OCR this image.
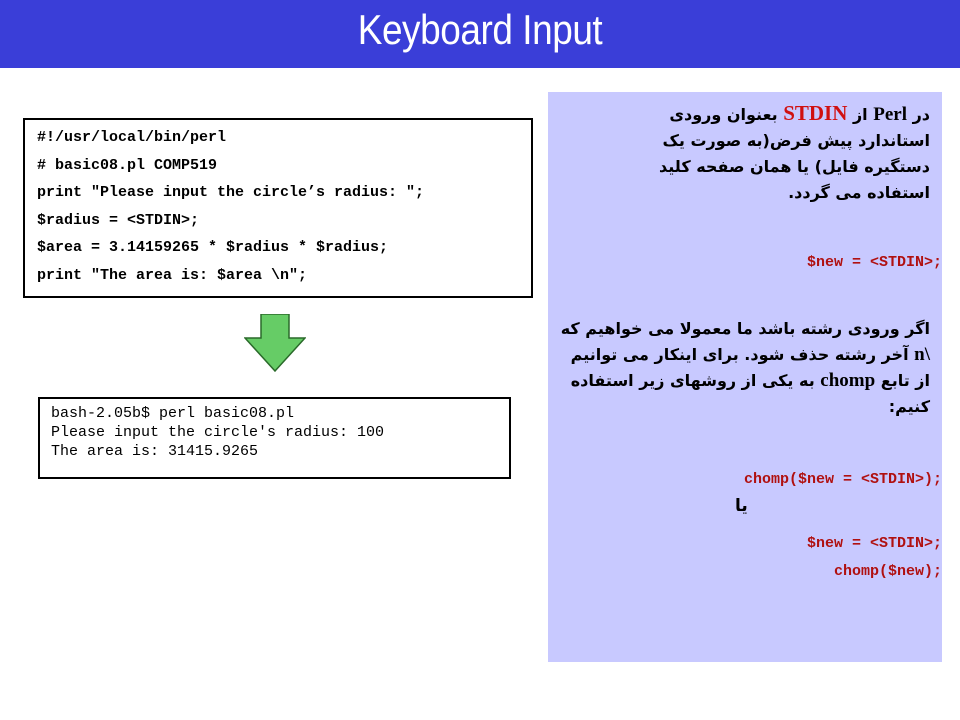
Keyboard Input
#!/usr/local/bin/perl
# basic08.pl COMP519
print "Please input the circle’s radius: ";
$radius = <STDIN>;
$area = 3.14159265 * $radius * $radius;
print "The area is: $area \n";
bash-2.05b$ perl basic08.pl
Please input the circle's radius: 100
The area is: 31415.9265
در Perl از STDIN بعنوان ورودی استاندارد پیش فرض(به صورت یک دستگیره فایل) یا همان صفحه کلید استفاده می گردد.
$new = <STDIN>;
اگر ورودی رشته باشد ما معمولا می خواهیم که \n آخر رشته حذف شود. برای اینکار می توانیم از تابع chomp به یکی از روشهای زیر استفاده کنیم:
chomp($new = <STDIN>);
یا
$new = <STDIN>;
chomp($new);
